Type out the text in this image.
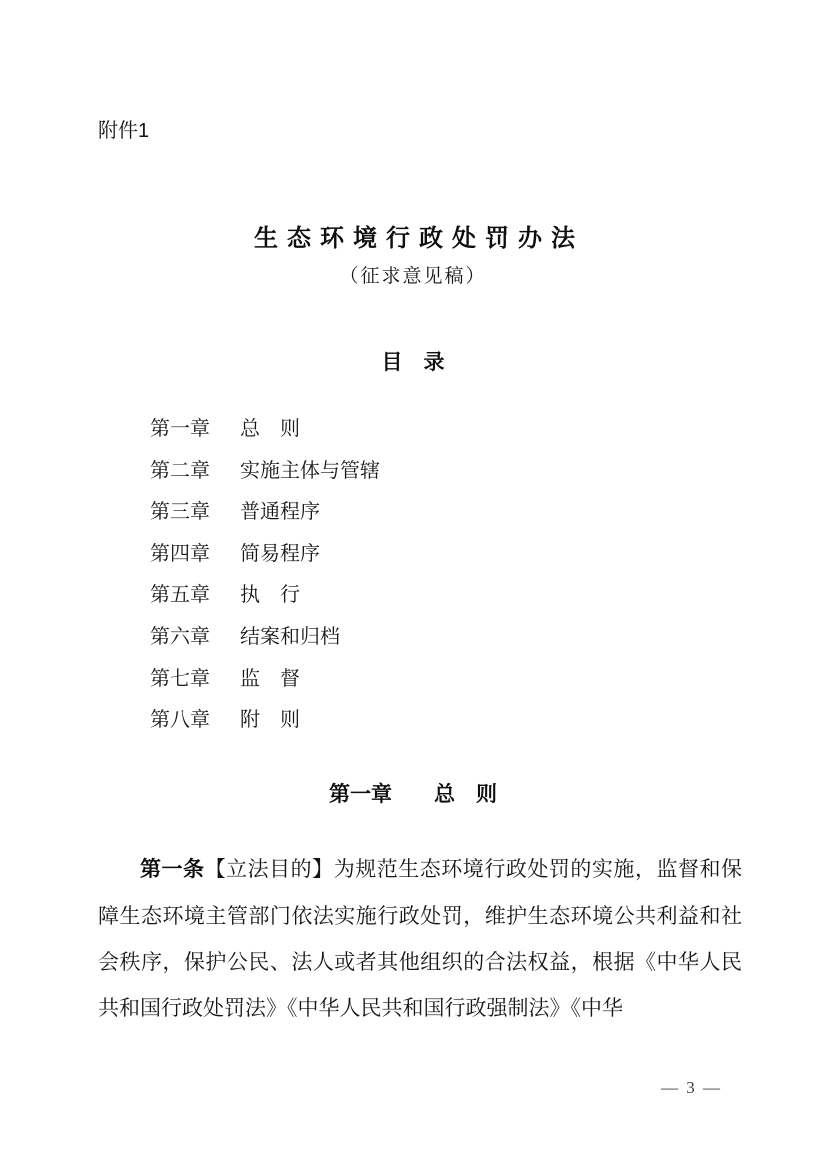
附件1
生态环境行政处罚办法
（征求意见稿）
目　录
第一章 总　则
第二章 实施主体与管辖
第三章 普通程序
第四章 简易程序
第五章 执　行
第六章 结案和归档
第七章 监　督
第八章 附　则
第一章　　总　则

第一条【立法目的】为规范生态环境行政处罚的实施，监督和保障生态环境主管部门依法实施行政处罚，维护生态环境公共利益和社会秩序，保护公民、法人或者其他组织的合法权益，根据《中华人民共和国行政处罚法》《中华人民共和国行政强制法》《中华

— 3 —
